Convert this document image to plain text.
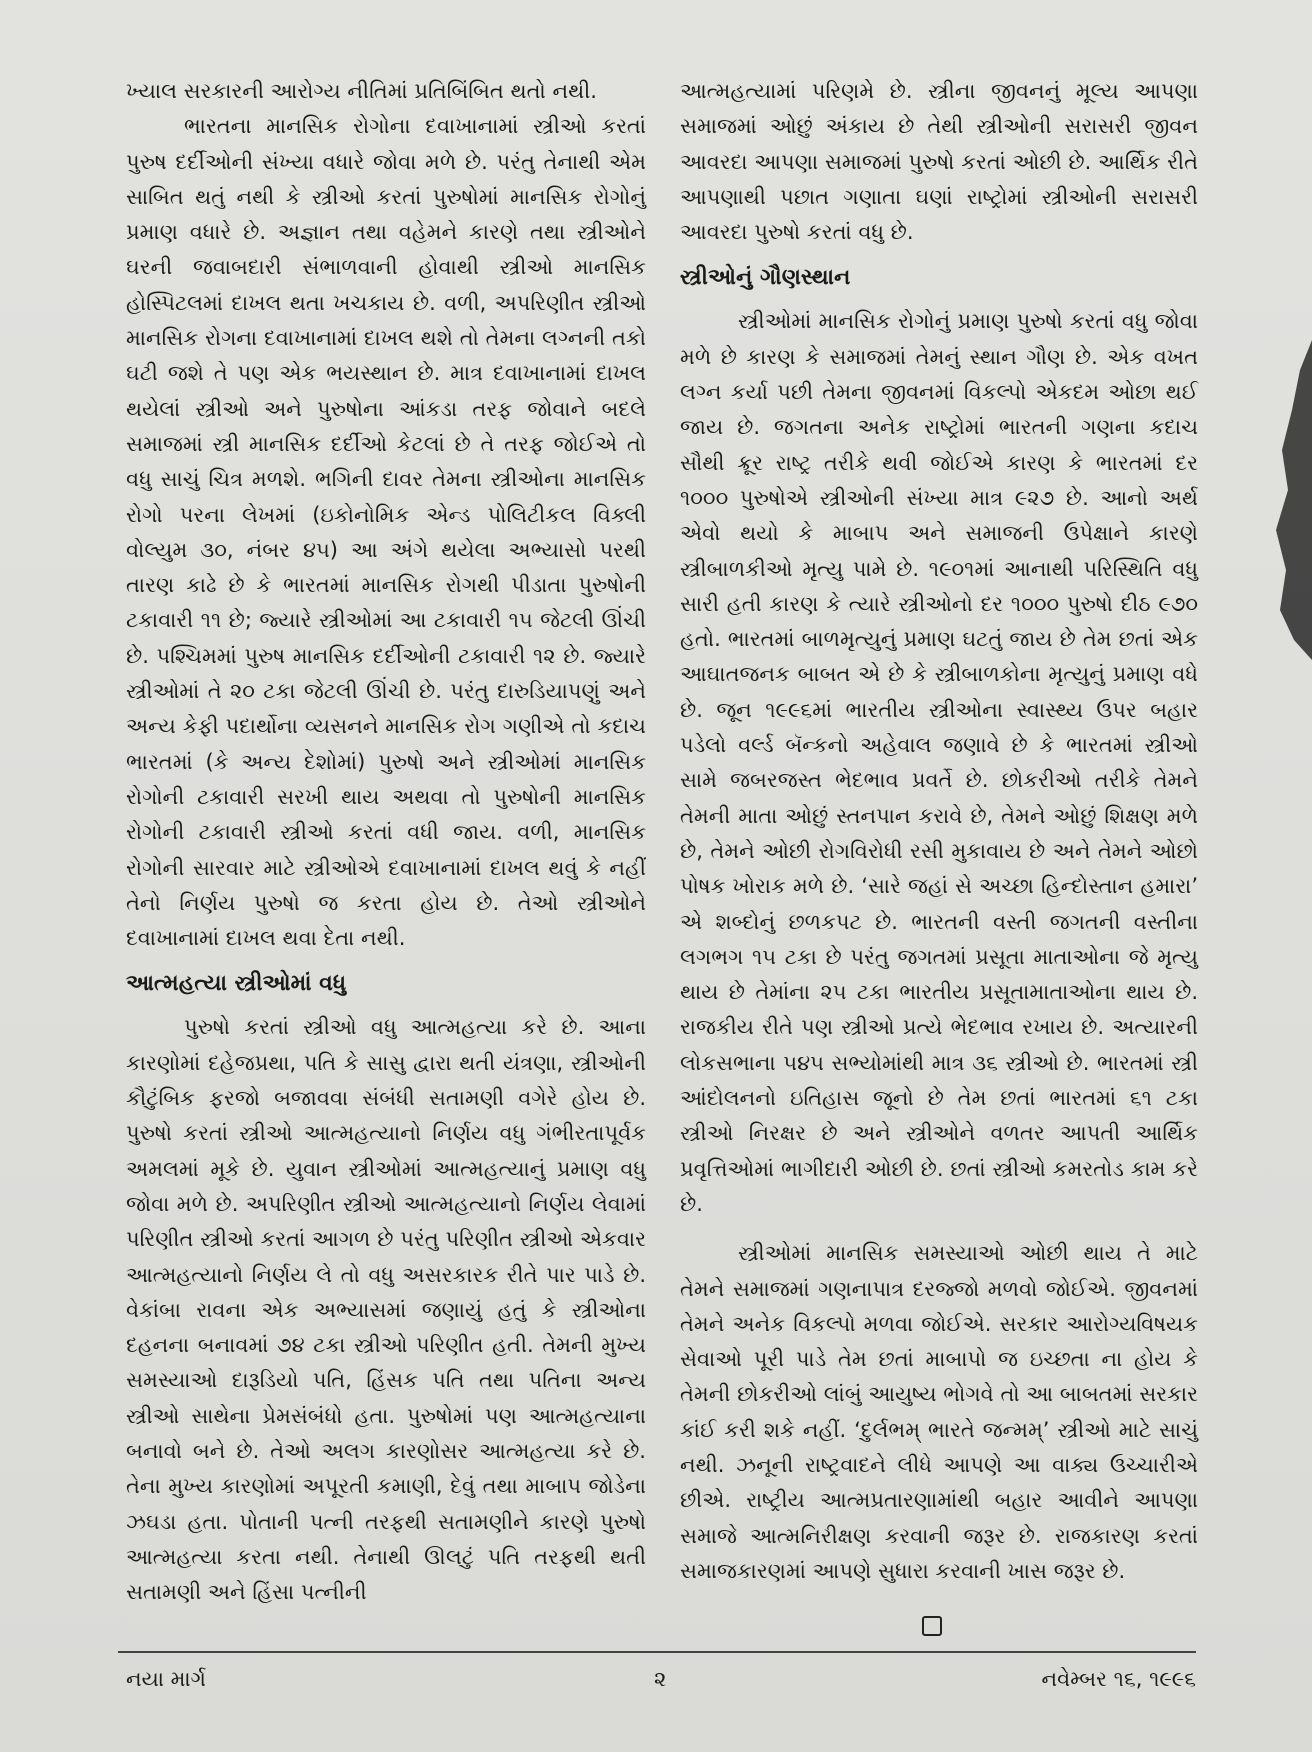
ખ્યાલ સરકારની આરોગ્ય નીતિમાં પ્રતિબિંબિત થતો નથી.

ભારતના માનસિક રોગોના દવાખાનામાં સ્ત્રીઓ કરતાં પુરુષ દર્દીઓની સંખ્યા વધારે જોવા મળે છે. પરંતુ તેનાથી એમ સાબિત થતું નથી કે સ્ત્રીઓ કરતાં પુરુષોમાં માનસિક રોગોનું પ્રમાણ વધારે છે. અજ્ઞાન તથા વહેમને કારણે તથા સ્ત્રીઓને ઘરની જવાબદારી સંભાળવાની હોવાથી સ્ત્રીઓ માનસિક હોસ્પિટલમાં દાખલ થતા ખચકાય છે. વળી, અપરિણીત સ્ત્રીઓ માનસિક રોગના દવાખાનામાં દાખલ થશે તો તેમના લગ્નની તકો ઘટી જશે તે પણ એક ભયસ્થાન છે. માત્ર દવાખાનામાં દાખલ થયેલાં સ્ત્રીઓ અને પુરુષોના આંકડા તરફ જોવાને બદલે સમાજમાં સ્ત્રી માનસિક દર્દીઓ કેટલાં છે તે તરફ જોઈએ તો વધુ સાચું ચિત્ર મળશે. ભગિની દાવર તેમના સ્ત્રીઓના માનસિક રોગો પરના લેખમાં (ઇકોનોમિક એન્ડ પોલિટીકલ વિક્લી વોલ્યુમ ૩૦, નંબર ૪૫) આ અંગે થયેલા અભ્યાસો પરથી તારણ કાઢે છે કે ભારતમાં માનસિક રોગથી પીડાતા પુરુષોની ટકાવારી ૧૧ છે; જ્યારે સ્ત્રીઓમાં આ ટકાવારી ૧૫ જેટલી ઊંચી છે. પશ્ચિમમાં પુરુષ માનસિક દર્દીઓની ટકાવારી ૧૨ છે. જ્યારે સ્ત્રીઓમાં તે ૨૦ ટકા જેટલી ઊંચી છે. પરંતુ દારુડિયાપણું અને અન્ય કેફી પદાર્થોના વ્યસનને માનસિક રોગ ગણીએ તો કદાચ ભારતમાં (કે અન્ય દેશોમાં) પુરુષો અને સ્ત્રીઓમાં માનસિક રોગોની ટકાવારી સરખી થાય અથવા તો પુરુષોની માનસિક રોગોની ટકાવારી સ્ત્રીઓ કરતાં વધી જાય. વળી, માનસિક રોગોની સારવાર માટે સ્ત્રીઓએ દવાખાનામાં દાખલ થવું કે નહીં તેનો નિર્ણય પુરુષો જ કરતા હોય છે. તેઓ સ્ત્રીઓને દવાખાનામાં દાખલ થવા દેતા નથી.

આત્મહત્યા સ્ત્રીઓમાં વધુ

પુરુષો કરતાં સ્ત્રીઓ વધુ આત્મહત્યા કરે છે. આના કારણોમાં દહેજપ્રથા, પતિ કે સાસુ દ્વારા થતી યંત્રણા, સ્ત્રીઓની કૌટુંબિક ફરજો બજાવવા સંબંધી સતામણી વગેરે હોય છે. પુરુષો કરતાં સ્ત્રીઓ આત્મહત્યાનો નિર્ણય વધુ ગંભીરતાપૂર્વક અમલમાં મૂકે છે. યુવાન સ્ત્રીઓમાં આત્મહત્યાનું પ્રમાણ વધુ જોવા મળે છે. અપરિણીત સ્ત્રીઓ આત્મહત્યાનો નિર્ણય લેવામાં પરિણીત સ્ત્રીઓ કરતાં આગળ છે પરંતુ પરિણીત સ્ત્રીઓ એકવાર આત્મહત્યાનો નિર્ણય લે તો વધુ અસરકારક રીતે પાર પાડે છે. વેકાંબા રાવના એક અભ્યાસમાં જણાયું હતું કે સ્ત્રીઓના દહનના બનાવમાં ૭૪ ટકા સ્ત્રીઓ પરિણીત હતી. તેમની મુખ્ય સમસ્યાઓ દારૂડિયો પતિ, હિંસક પતિ તથા પતિના અન્ય સ્ત્રીઓ સાથેના પ્રેમસંબંધો હતા. પુરુષોમાં પણ આત્મહત્યાના બનાવો બને છે. તેઓ અલગ કારણોસર આત્મહત્યા કરે છે. તેના મુખ્ય કારણોમાં અપૂરતી કમાણી, દેવું તથા માબાપ જોડેના ઝઘડા હતા. પોતાની પત્ની તરફથી સતામણીને કારણે પુરુષો આત્મહત્યા કરતા નથી. તેનાથી ઊલટું પતિ તરફથી થતી સતામણી અને હિંસા પત્નીની

આત્મહત્યામાં પરિણમે છે. સ્ત્રીના જીવનનું મૂલ્ય આપણા સમાજમાં ઓછું અંકાય છે તેથી સ્ત્રીઓની સરાસરી જીવન આવરદા આપણા સમાજમાં પુરુષો કરતાં ઓછી છે. આર્થિક રીતે આપણાથી પછાત ગણાતા ઘણાં રાષ્ટ્રોમાં સ્ત્રીઓની સરાસરી આવરદા પુરુષો કરતાં વધુ છે.

સ્ત્રીઓનું ગૌણસ્થાન

સ્ત્રીઓમાં માનસિક રોગોનું પ્રમાણ પુરુષો કરતાં વધુ જોવા મળે છે કારણ કે સમાજમાં તેમનું સ્થાન ગૌણ છે. એક વખત લગ્ન કર્યા પછી તેમના જીવનમાં વિકલ્પો એકદમ ઓછા થઈ જાય છે. જગતના અનેક રાષ્ટ્રોમાં ભારતની ગણના કદાચ સૌથી ક્રૂર રાષ્ટ્ર તરીકે થવી જોઈએ કારણ કે ભારતમાં દર ૧૦૦૦ પુરુષોએ સ્ત્રીઓની સંખ્યા માત્ર ૯૨૭ છે. આનો અર્થ એવો થયો કે માબાપ અને સમાજની ઉપેક્ષાને કારણે સ્ત્રીબાળકીઓ મૃત્યુ પામે છે. ૧૯૦૧માં આનાથી પરિસ્થિતિ વધુ સારી હતી કારણ કે ત્યારે સ્ત્રીઓનો દર ૧૦૦૦ પુરુષો દીઠ ૯૭૦ હતો. ભારતમાં બાળમૃત્યુનું પ્રમાણ ઘટતું જાય છે તેમ છતાં એક આઘાતજનક બાબત એ છે કે સ્ત્રીબાળકોના મૃત્યુનું પ્રમાણ વધે છે. જૂન ૧૯૯૬માં ભારતીય સ્ત્રીઓના સ્વાસ્થ્ય ઉપર બહાર પડેલો વર્લ્ડ બૅન્કનો અહેવાલ જણાવે છે કે ભારતમાં સ્ત્રીઓ સામે જબરજસ્ત ભેદભાવ પ્રવર્તે છે. છોકરીઓ તરીકે તેમને તેમની માતા ઓછું સ્તનપાન કરાવે છે, તેમને ઓછું શિક્ષણ મળે છે, તેમને ઓછી રોગવિરોધી રસી મુકાવાય છે અને તેમને ઓછો પોષક ખોરાક મળે છે. ‘સારે જહાં સે અચ્છા હિન્દોસ્તાન હમારા’ એ શબ્દોનું છળકપટ છે. ભારતની વસ્તી જગતની વસ્તીના લગભગ ૧૫ ટકા છે પરંતુ જગતમાં પ્રસૂતા માતાઓના જે મૃત્યુ થાય છે તેમાંના ૨૫ ટકા ભારતીય પ્રસૂતામાતાઓના થાય છે. રાજકીય રીતે પણ સ્ત્રીઓ પ્રત્યે ભેદભાવ રખાય છે. અત્યારની લોકસભાના ૫૪૫ સભ્યોમાંથી માત્ર ૩૬ સ્ત્રીઓ છે. ભારતમાં સ્ત્રી આંદોલનનો ઇતિહાસ જૂનો છે તેમ છતાં ભારતમાં ૬૧ ટકા સ્ત્રીઓ નિરક્ષર છે અને સ્ત્રીઓને વળતર આપતી આર્થિક પ્રવૃત્તિઓમાં ભાગીદારી ઓછી છે. છતાં સ્ત્રીઓ કમરતોડ કામ કરે છે.

સ્ત્રીઓમાં માનસિક સમસ્યાઓ ઓછી થાય તે માટે તેમને સમાજમાં ગણનાપાત્ર દરજ્જો મળવો જોઈએ. જીવનમાં તેમને અનેક વિકલ્પો મળવા જોઈએ. સરકાર આરોગ્યવિષયક સેવાઓ પૂરી પાડે તેમ છતાં માબાપો જ ઇચ્છતા ના હોય કે તેમની છોકરીઓ લાંબું આયુષ્ય ભોગવે તો આ બાબતમાં સરકાર કાંઈ કરી શકે નહીં. ‘દુર્લભમ્ ભારતે જન્મમ્’ સ્ત્રીઓ માટે સાચું નથી. ઝનૂની રાષ્ટ્રવાદને લીધે આપણે આ વાક્ય ઉચ્ચારીએ છીએ. રાષ્ટ્રીય આત્મપ્રતારણામાંથી બહાર આવીને આપણા સમાજે આત્મનિરીક્ષણ કરવાની જરૂર છે. રાજકારણ કરતાં સમાજકારણમાં આપણે સુધારા કરવાની ખાસ જરૂર છે.

નયા માર્ગ	૨	નવેમ્બર ૧૬, ૧૯૯૬
